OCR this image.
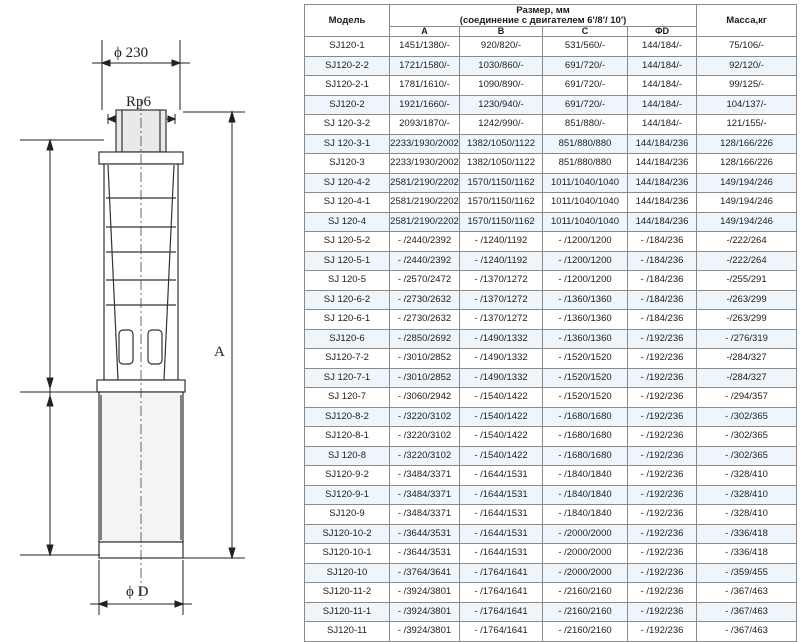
ϕ 230
Rp6
A
ϕ D
Модель	Размер, мм
(соединение с двигателем 6'/8'/ 10')				Масса,кг
	A	B	C	ΦD	
SJ120-1	1451/1380/-	920/820/-	531/560/-	144/184/-	75/106/-
SJ120-2-2	1721/1580/-	1030/860/-	691/720/-	144/184/-	92/120/-
SJ120-2-1	1781/1610/-	1090/890/-	691/720/-	144/184/-	99/125/-
SJ120-2	1921/1660/-	1230/940/-	691/720/-	144/184/-	104/137/-
SJ 120-3-2	2093/1870/-	1242/990/-	851/880/-	144/184/-	121/155/-
SJ 120-3-1	2233/1930/2002	1382/1050/1122	851/880/880	144/184/236	128/166/226
SJ120-3	2233/1930/2002	1382/1050/1122	851/880/880	144/184/236	128/166/226
SJ 120-4-2	2581/2190/2202	1570/1150/1162	1011/1040/1040	144/184/236	149/194/246
SJ 120-4-1	2581/2190/2202	1570/1150/1162	1011/1040/1040	144/184/236	149/194/246
SJ 120-4	2581/2190/2202	1570/1150/1162	1011/1040/1040	144/184/236	149/194/246
SJ 120-5-2	- /2440/2392	- /1240/1192	- /1200/1200	- /184/236	-/222/264
SJ 120-5-1	- /2440/2392	- /1240/1192	- /1200/1200	- /184/236	-/222/264
SJ 120-5	- /2570/2472	- /1370/1272	- /1200/1200	- /184/236	-/255/291
SJ 120-6-2	- /2730/2632	- /1370/1272	- /1360/1360	- /184/236	-/263/299
SJ 120-6-1	- /2730/2632	- /1370/1272	- /1360/1360	- /184/236	-/263/299
SJ120-6	- /2850/2692	- /1490/1332	- /1360/1360	- /192/236	- /276/319
SJ120-7-2	- /3010/2852	- /1490/1332	- /1520/1520	- /192/236	-/284/327
SJ 120-7-1	- /3010/2852	- /1490/1332	- /1520/1520	- /192/236	-/284/327
SJ 120-7	- /3060/2942	- /1540/1422	- /1520/1520	- /192/236	- /294/357
SJ120-8-2	- /3220/3102	- /1540/1422	- /1680/1680	- /192/236	- /302/365
SJ120-8-1	- /3220/3102	- /1540/1422	- /1680/1680	- /192/236	- /302/365
SJ 120-8	- /3220/3102	- /1540/1422	- /1680/1680	- /192/236	- /302/365
SJ120-9-2	- /3484/3371	- /1644/1531	- /1840/1840	- /192/236	- /328/410
SJ120-9-1	- /3484/3371	- /1644/1531	- /1840/1840	- /192/236	- /328/410
SJ120-9	- /3484/3371	- /1644/1531	- /1840/1840	- /192/236	- /328/410
SJ120-10-2	- /3644/3531	- /1644/1531	- /2000/2000	- /192/236	- /336/418
SJ120-10-1	- /3644/3531	- /1644/1531	- /2000/2000	- /192/236	- /336/418
SJ120-10	- /3764/3641	- /1764/1641	- /2000/2000	- /192/236	- /359/455
SJ120-11-2	- /3924/3801	- /1764/1641	- /2160/2160	- /192/236	- /367/463
SJ120-11-1	- /3924/3801	- /1764/1641	- /2160/2160	- /192/236	- /367/463
SJ120-11	- /3924/3801	- /1764/1641	- /2160/2160	- /192/236	- /367/463
